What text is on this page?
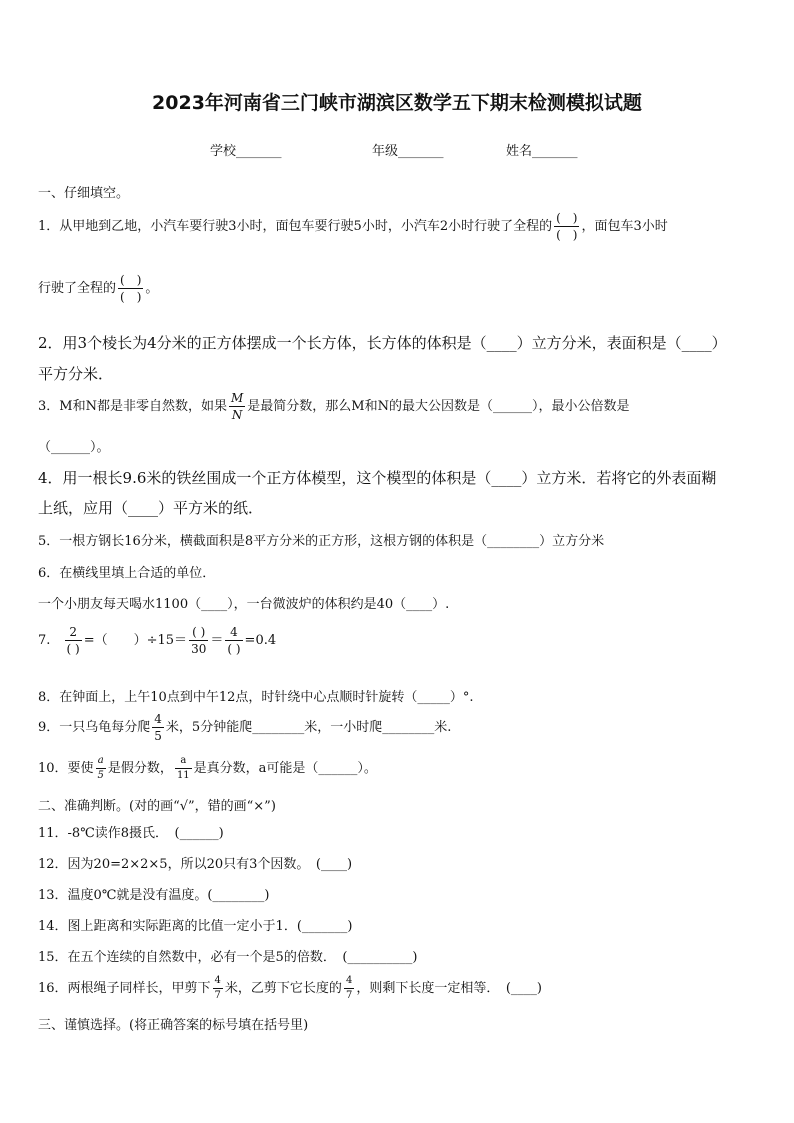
2023年河南省三门峡市湖滨区数学五下期末检测模拟试题
学校_______	年级_______	姓名_______
一、仔细填空。
1．从甲地到乙地，小汽车要行驶3小时，面包车要行驶5小时，小汽车2小时行驶了全程的 $\frac{( )}{( )}$ ，面包车3小时
行驶了全程的 $\frac{( )}{( )}$ 。
2．用3个棱长为4分米的正方体摆成一个长方体，长方体的体积是（____）立方分米，表面积是（____）
平方分米．
3．M和N都是非零自然数，如果 $\frac{M}{N}$ 是最简分数，那么M和N的最大公因数是（______），最小公倍数是
（______）。
4．用一根长9.6米的铁丝围成一个正方体模型，这个模型的体积是（____）立方米．若将它的外表面糊
上纸，应用（____）平方米的纸．
5．一根方钢长16分米，横截面积是8平方分米的正方形，这根方钢的体积是（________）立方分米
6．在横线里填上合适的单位．
一个小朋友每天喝水1100（____），一台微波炉的体积约是40（____）.
7. $\frac{2}{( )}$ =（　　）$\div 15= \frac{( )}{30} = \frac{4}{( )} =0.4$
8．在钟面上，上午10点到中午12点，时针绕中心点顺时针旋转（_____）°.
9．一只乌龟每分爬 $\frac{4}{5}$ 米，5分钟能爬________米，一小时爬________米.
10．要使 $\frac{a}{5}$ 是假分数， $\frac{a}{11}$ 是真分数，a可能是（______）。
二、准确判断。(对的画“√”，错的画“×”)
11．-8℃读作8摄氏．　(______)
12．因为20=2×2×5，所以20只有3个因数。　(____)
13．温度0℃就是没有温度。(________)
14．图上距离和实际距离的比值一定小于1．(_______)
15．在五个连续的自然数中，必有一个是5的倍数．　(__________)
16．两根绳子同样长，甲剪下 $\frac{4}{7}$ 米，乙剪下它长度的 $\frac{4}{7}$ ，则剩下长度一定相等．　(____)
三、谨慎选择。(将正确答案的标号填在括号里)
